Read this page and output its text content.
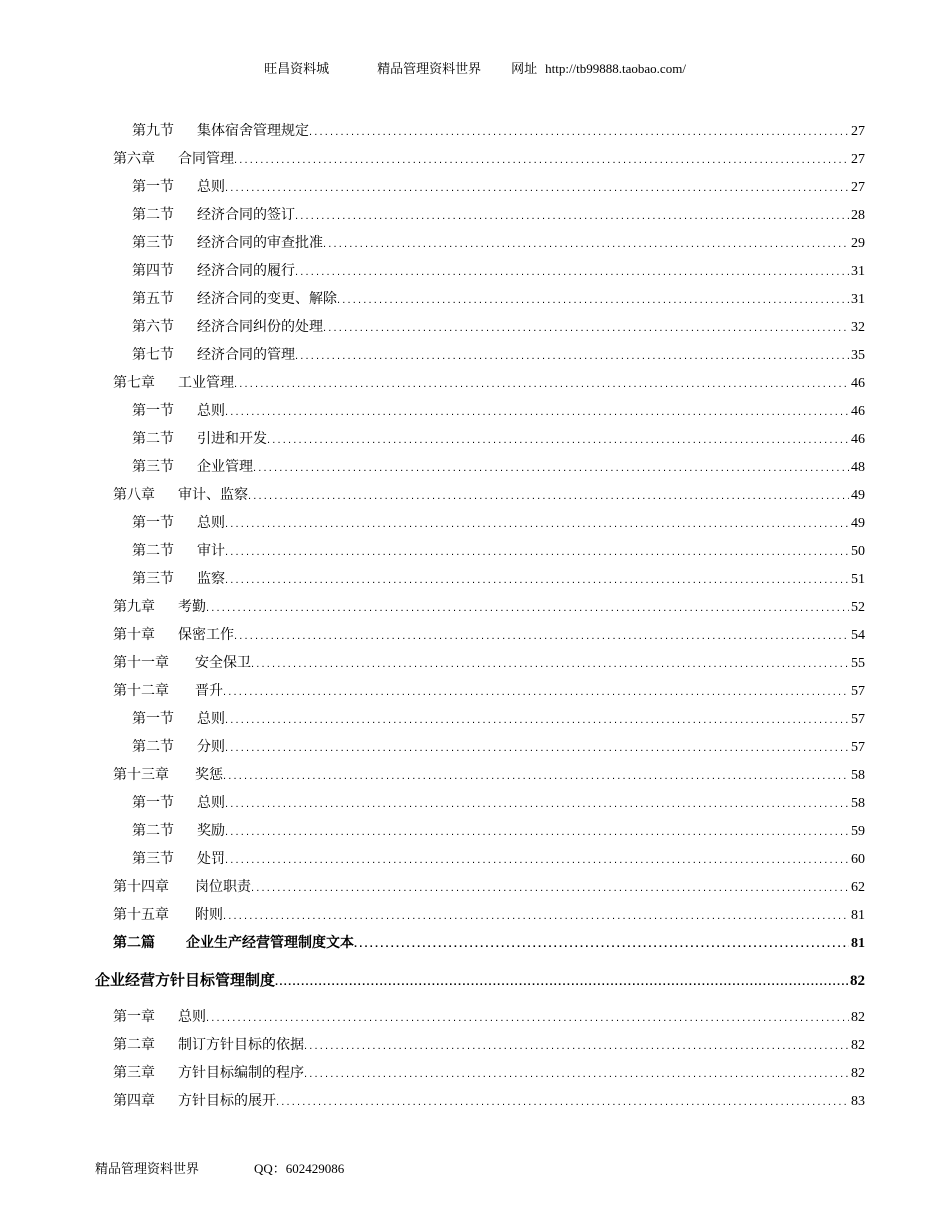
旺昌资料城	精品管理资料世界 网址 http://tb99888.taobao.com/
第九节	集体宿舍管理规定 .....	27
第六章	合同管理 .....	27
第一节	总则 .....	27
第二节	经济合同的签订 .....	28
第三节	经济合同的审查批准 .....	29
第四节	经济合同的履行 .....	31
第五节	经济合同的变更、解除 .....	31
第六节	经济合同纠份的处理 .....	32
第七节	经济合同的管理 .....	35
第七章	工业管理 .....	46
第一节	总则 .....	46
第二节	引进和开发 .....	46
第三节	企业管理 .....	48
第八章	审计、监察 .....	49
第一节	总则 .....	49
第二节	审计 .....	50
第三节	监察 .....	51
第九章	考勤 .....	52
第十章	保密工作 .....	54
第十一章	安全保卫 .....	55
第十二章	晋升 .....	57
第一节	总则 .....	57
第二节	分则 .....	57
第十三章	奖惩 .....	58
第一节	总则 .....	58
第二节	奖励 .....	59
第三节	处罚 .....	60
第十四章	岗位职责 .....	62
第十五章	附则 .....	81
第二篇	企业生产经营管理制度文本 .....	81
企业经营方针目标管理制度 .....	82
第一章	总则 .....	82
第二章	制订方针目标的依据 .....	82
第三章	方针目标编制的程序 .....	82
第四章	方针目标的展开 .....	83
精品管理资料世界	QQ：602429086
